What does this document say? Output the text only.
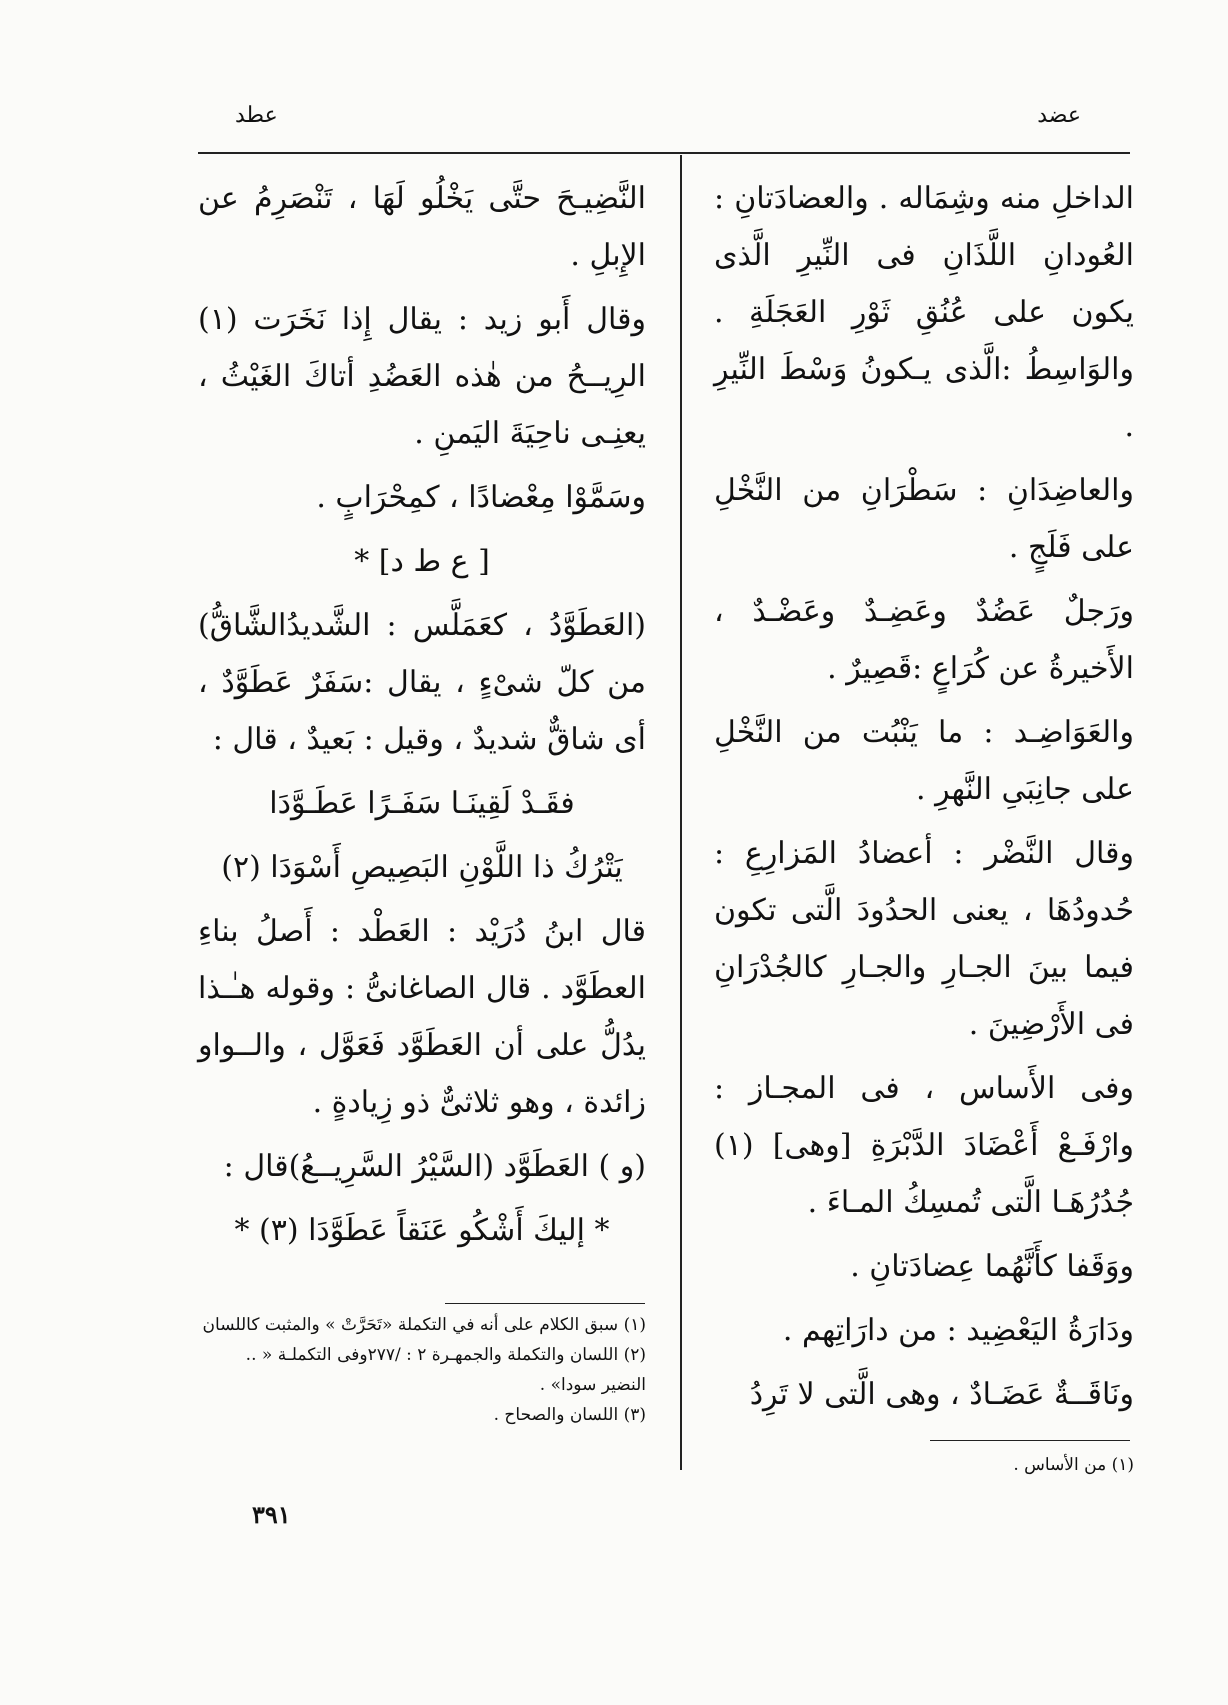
عضد
عطد

الداخلِ منه وشِمَاله . والعضادَتانِ : العُودانِ اللَّذَانِ فى النِّيرِ الَّذى يكون على عُنُقِ ثَوْرِ العَجَلَةِ . والوَاسِطُ :الَّذى يـكونُ وَسْطَ النِّيرِ .

والعاضِدَانِ : سَطْرَانِ من النَّخْلِ على فَلَجٍ .

ورَجلٌ عَضُدٌ وعَضِـدٌ وعَضْـدٌ ، الأَخيرةُ عن كُرَاعٍ :قَصِيرٌ .

والعَوَاضِـد : ما يَنْبُت من النَّخْلِ على جانِبَىِ النَّهرِ .

وقال النَّضْر : أعضادُ المَزارِعِ : حُدودُهَا ، يعنى الحدُودَ الَّتى تكون فيما بينَ الجـارِ والجـارِ كالجُدْرَانِ فى الأَرْضِينَ .

وفى الأَساس ، فى المجـاز : وارْفَـعْ أَعْضَادَ الدَّبْرَةِ [وهى] (١) جُدُرُهَـا الَّتى تُمسِكُ المـاءَ .

ووَقَفا كأَنَّهُما عِضادَتانِ .

ودَارَةُ اليَعْضِيد : من دارَاتِهم .

ونَاقَــةٌ عَضَـادٌ ، وهى الَّتى لا تَرِدُ

النَّضِيـحَ حتَّى يَخْلُو لَهَا ، تَنْصَرِمُ عن الإِبلِ .

وقال أَبو زيد : يقال إِذا نَخَرَت (١) الرِيــحُ من هٰذه العَضُدِ أتاكَ الغَيْثُ ، يعنِـى ناحِيَةَ اليَمنِ .

وسَمَّوْا مِعْضادًا ، كمِحْرَابٍ .

[ ع ط د] *

(العَطَوَّدُ ، كعَمَلَّس : الشَّديدُالشَّاقُّ) من كلّ شىْءٍ ، يقال :سَفَرٌ عَطَوَّدٌ ، أى شاقٌّ شديدٌ ، وقيل : بَعيدٌ ، قال :

فقَـدْ لَقِينَـا سَفَـرًا عَطَـوَّدَا

يَتْرُكُ ذا اللَّوْنِ البَصِيصِ أَسْوَدَا (٢)

قال ابنُ دُرَيْد : العَطْد : أَصلُ بناءِ العطَوَّد . قال الصاغانىُّ : وقوله هـٰـذا يدُلُّ على أن العَطَوَّد فَعَوَّل ، والــواو زائدة ، وهو ثلاثىٌّ ذو زِيادةٍ .

(و ) العَطَوَّد (السَّيْرُ السَّرِيــعُ)قال :

* إليكَ أَشْكُو عَنَقاً عَطَوَّدَا (٣) *

(١) سبق الكلام على أنه في التكملة «تَحَرَّتْ » والمثبت كاللسان

(٢) اللسان والتكملة والجمهـرة ٢ : /٢٧٧وفى التكملـة « .. النضير سودا» .

(٣) اللسان والصحاح .

(١) من الأساس .

٣٩١
